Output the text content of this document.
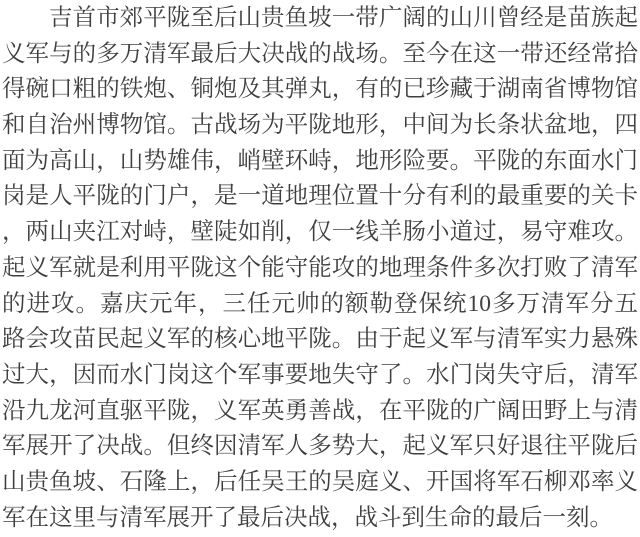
吉首市郊平陇至后山贵鱼坡一带广阔的山川曾经是苗族起
义军与的多万清军最后大决战的战场。至今在这一带还经常拾
得碗口粗的铁炮、铜炮及其弹丸，有的已珍藏于湖南省博物馆
和自治州博物馆。古战场为平陇地形，中间为长条状盆地，四
面为高山，山势雄伟，峭壁环峙，地形险要。平陇的东面水门
岗是人平陇的门户，是一道地理位置十分有利的最重要的关卡
，两山夹江对峙，壁陡如削，仅一线羊肠小道过，易守难攻。
起义军就是利用平陇这个能守能攻的地理条件多次打败了清军
的进攻。嘉庆元年，三任元帅的额勒登保统10多万清军分五
路会攻苗民起义军的核心地平陇。由于起义军与清军实力悬殊
过大，因而水门岗这个军事要地失守了。水门岗失守后，清军
沿九龙河直驱平陇，义军英勇善战，在平陇的广阔田野上与清
军展开了决战。但终因清军人多势大，起义军只好退往平陇后
山贵鱼坡、石隆上，后任吴王的吴庭义、开国将军石柳邓率义
军在这里与清军展开了最后决战，战斗到生命的最后一刻。
